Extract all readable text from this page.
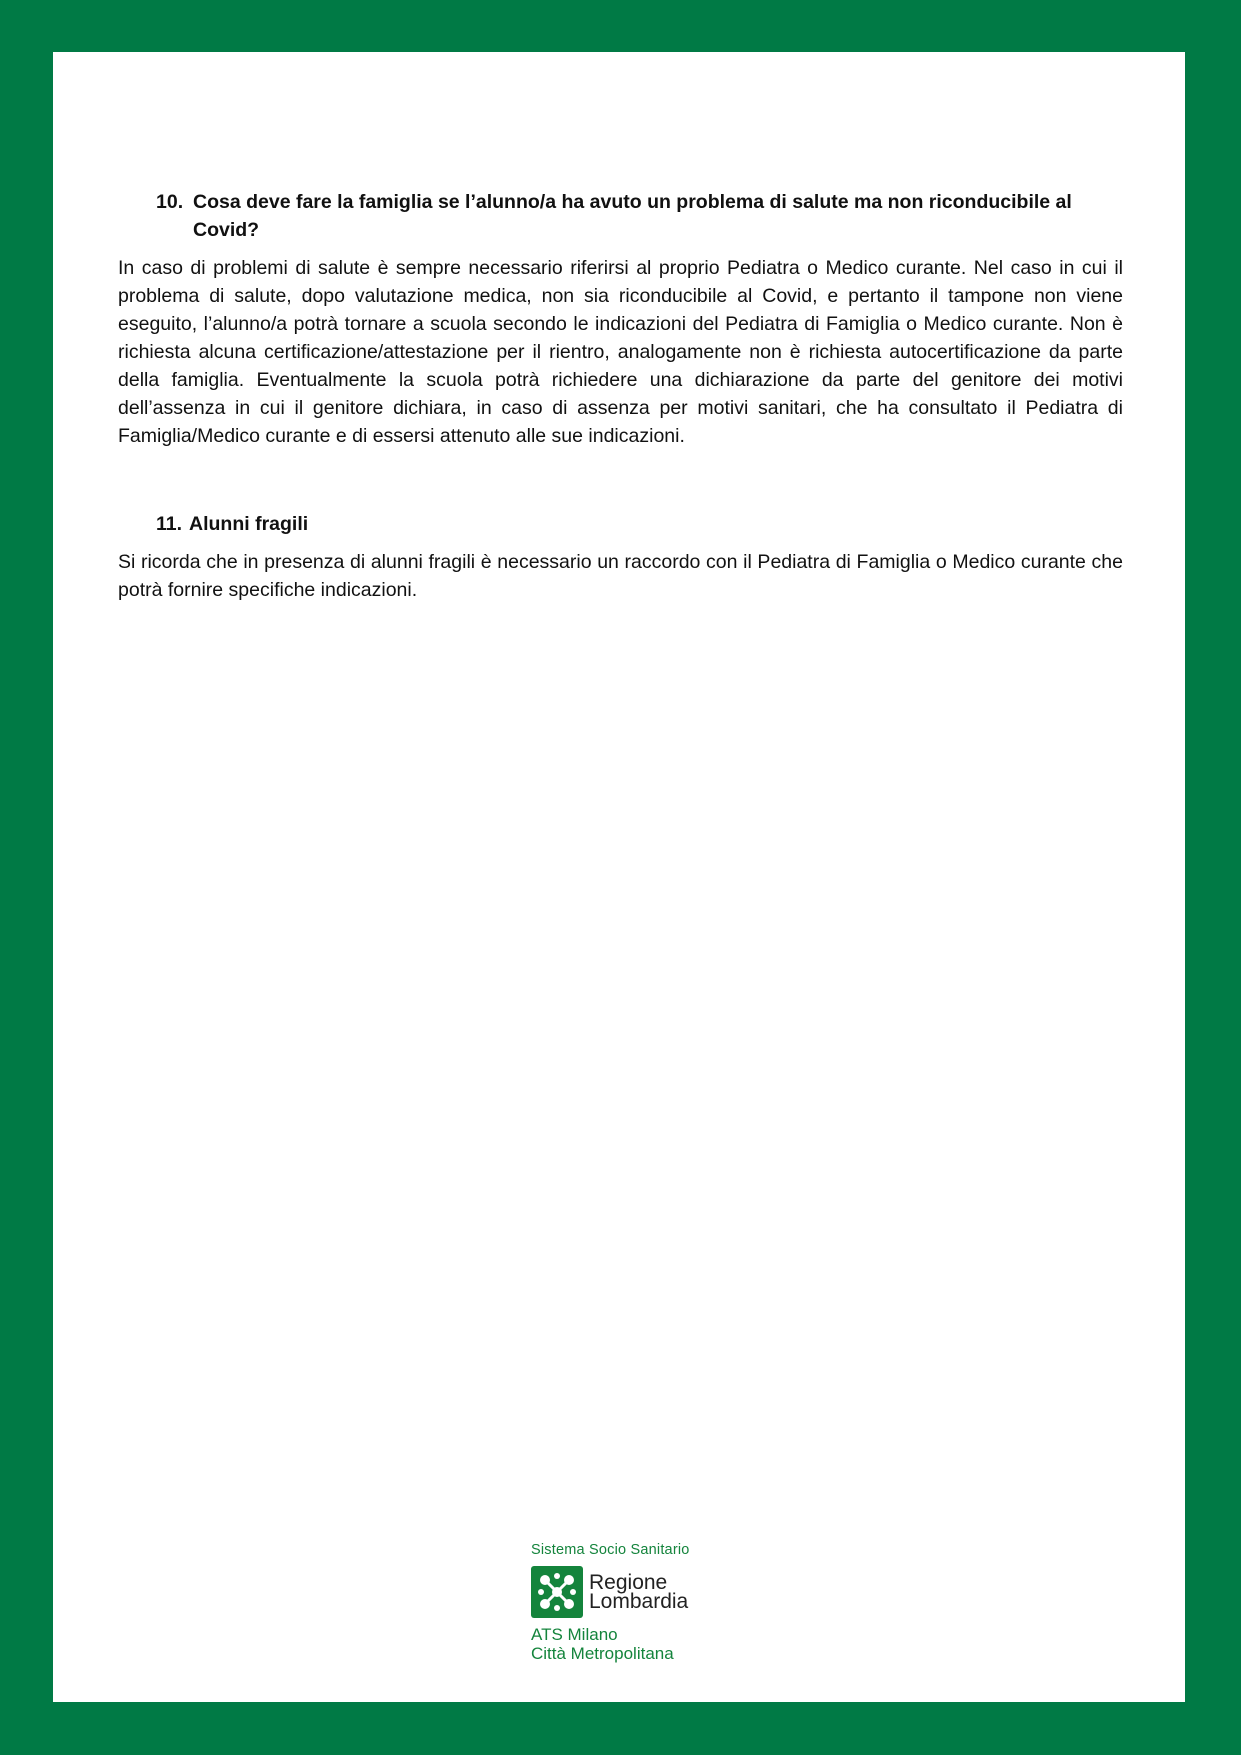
10. Cosa deve fare la famiglia se l’alunno/a ha avuto un problema di salute ma non riconducibile al Covid?

In caso di problemi di salute è sempre necessario riferirsi al proprio Pediatra o Medico curante. Nel caso in cui il problema di salute, dopo valutazione medica, non sia riconducibile al Covid, e pertanto il tampone non viene eseguito, l’alunno/a potrà tornare a scuola secondo le indicazioni del Pediatra di Famiglia o Medico curante. Non è richiesta alcuna certificazione/attestazione per il rientro, analogamente non è richiesta autocertificazione da parte della famiglia. Eventualmente la scuola potrà richiedere una dichiarazione da parte del genitore dei motivi dell’assenza in cui il genitore dichiara, in caso di assenza per motivi sanitari, che ha consultato il Pediatra di Famiglia/Medico curante e di essersi attenuto alle sue indicazioni.

11. Alunni fragili

Si ricorda che in presenza di alunni fragili è necessario un raccordo con il Pediatra di Famiglia o Medico curante che potrà fornire specifiche indicazioni.

Sistema Socio Sanitario
Regione
Lombardia
ATS Milano
Città Metropolitana
